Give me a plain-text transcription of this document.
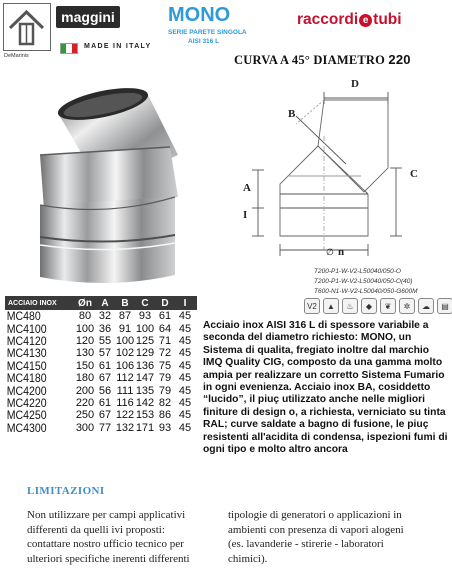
DeMarinis
maggini
MADE IN ITALY
MONO
SERIE PARETE SINGOLA
AISI 316 L
raccordi e tubi
CURVA A 45° DIAMETRO 220
D
B
A
I
C
∅ n
T200-P1-W-V2-L50040/050-O
T200-P1-W-V2-L50040/050-O(40)
T600-N1-W-V2-L50040/050-G600M
V2	▲	♨	◆	❦	✲	☁	▤
ACCIAIO INOX	Øn A	B	C	D	I
MC480	80 32 87 93 61 45
MC4100	100 36 91 100 64 45
MC4120	120 55 100 125 71 45
MC4130	130 57 102 129 72 45
MC4150	150 61 106 136 75 45
MC4180	180 67 112 147 79 45
MC4200	200 56 111 135 79 45
MC4220	220 61 116 142 82 45
MC4250	250 67 122 153 86 45
MC4300	300 77 132 171 93 45
Acciaio inox AISI 316 L di spessore variabile a
seconda del diametro richiesto: MONO, un
Sistema di qualita, fregiato inoltre dal marchio
IMQ Quality CIG, composto da una gamma molto
ampia per realizzare un corretto Sistema Fumario
in ogni evenienza. Acciaio inox BA, cosiddetto
“lucido”, il piuç utilizzato anche nelle migliori
finiture di design o, a richiesta, verniciato su tinta
RAL; curve saldate a bagno di fusione, le piuç
resistenti all'acidita di condensa, ispezioni fumi di
ogni tipo e molto altro ancora
LIMITAZIONI
Non utilizzare per campi applicativi
differenti da quelli ivi proposti:
contattare nostro ufficio tecnico per
ulteriori specifiche inerenti differenti
tipologie di generatori o applicazioni in
ambienti con presenza di vapori alogeni
(es. lavanderie - stirerie - laboratori
chimici).
